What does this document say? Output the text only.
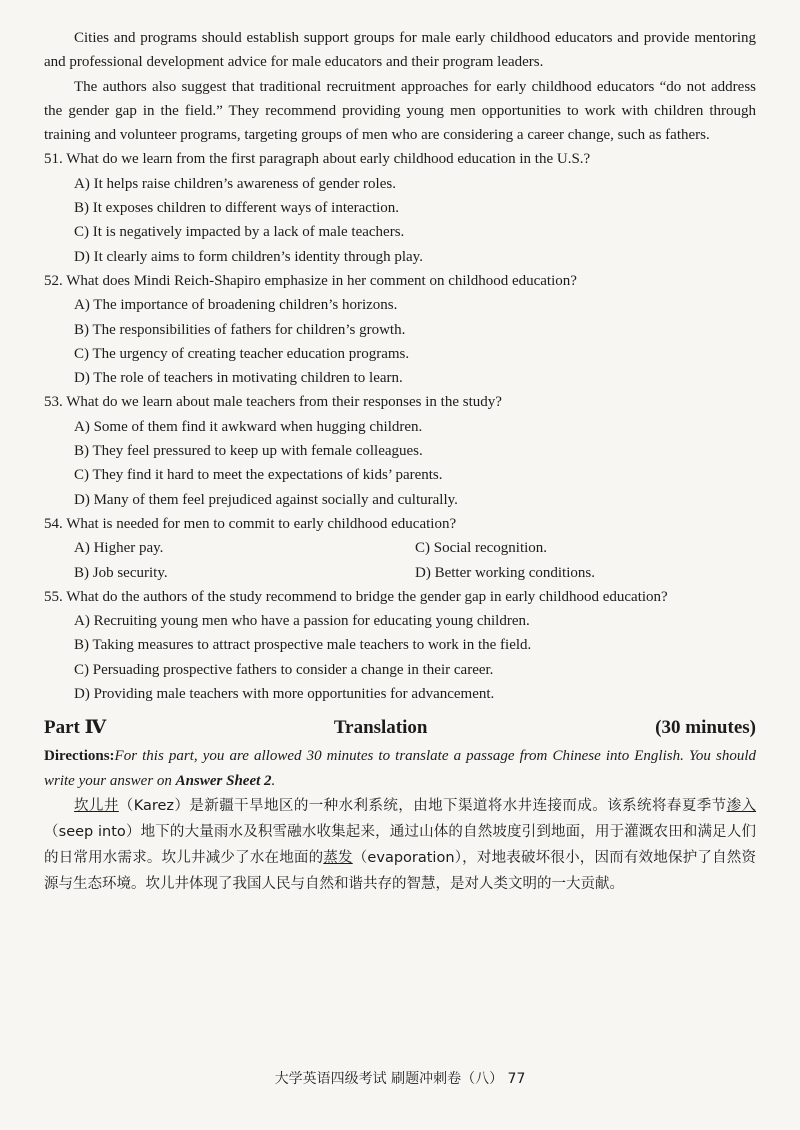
Cities and programs should establish support groups for male early childhood educators and provide mentoring and professional development advice for male educators and their program leaders.

The authors also suggest that traditional recruitment approaches for early childhood educators “do not address the gender gap in the field.” They recommend providing young men opportunities to work with children through training and volunteer programs, targeting groups of men who are considering a career change, such as fathers.

51. What do we learn from the first paragraph about early childhood education in the U.S.?

A) It helps raise children’s awareness of gender roles.

B) It exposes children to different ways of interaction.

C) It is negatively impacted by a lack of male teachers.

D) It clearly aims to form children’s identity through play.

52. What does Mindi Reich-Shapiro emphasize in her comment on childhood education?

A) The importance of broadening children’s horizons.

B) The responsibilities of fathers for children’s growth.

C) The urgency of creating teacher education programs.

D) The role of teachers in motivating children to learn.

53. What do we learn about male teachers from their responses in the study?

A) Some of them find it awkward when hugging children.

B) They feel pressured to keep up with female colleagues.

C) They find it hard to meet the expectations of kids’ parents.

D) Many of them feel prejudiced against socially and culturally.

54. What is needed for men to commit to early childhood education?

A) Higher pay.	C) Social recognition.
B) Job security.	D) Better working conditions.

55. What do the authors of the study recommend to bridge the gender gap in early childhood education?

A) Recruiting young men who have a passion for educating young children.

B) Taking measures to attract prospective male teachers to work in the field.

C) Persuading prospective fathers to consider a change in their career.

D) Providing male teachers with more opportunities for advancement.

Part Ⅳ	Translation	(30 minutes)

Directions:For this part, you are allowed 30 minutes to translate a passage from Chinese into English. You should write your answer on Answer Sheet 2.

坎儿井（Karez）是新疆干旱地区的一种水利系统，由地下渠道将水井连接而成。该系统将春夏季节渗入（seep into）地下的大量雨水及积雪融水收集起来，通过山体的自然坡度引到地面，用于灌溉农田和满足人们的日常用水需求。坎儿井减少了水在地面的蒸发（evaporation），对地表破坏很小，因而有效地保护了自然资源与生态环境。坎儿井体现了我国人民与自然和谐共存的智慧，是对人类文明的一大贡献。

大学英语四级考试 刷题冲刺卷（八） 77
